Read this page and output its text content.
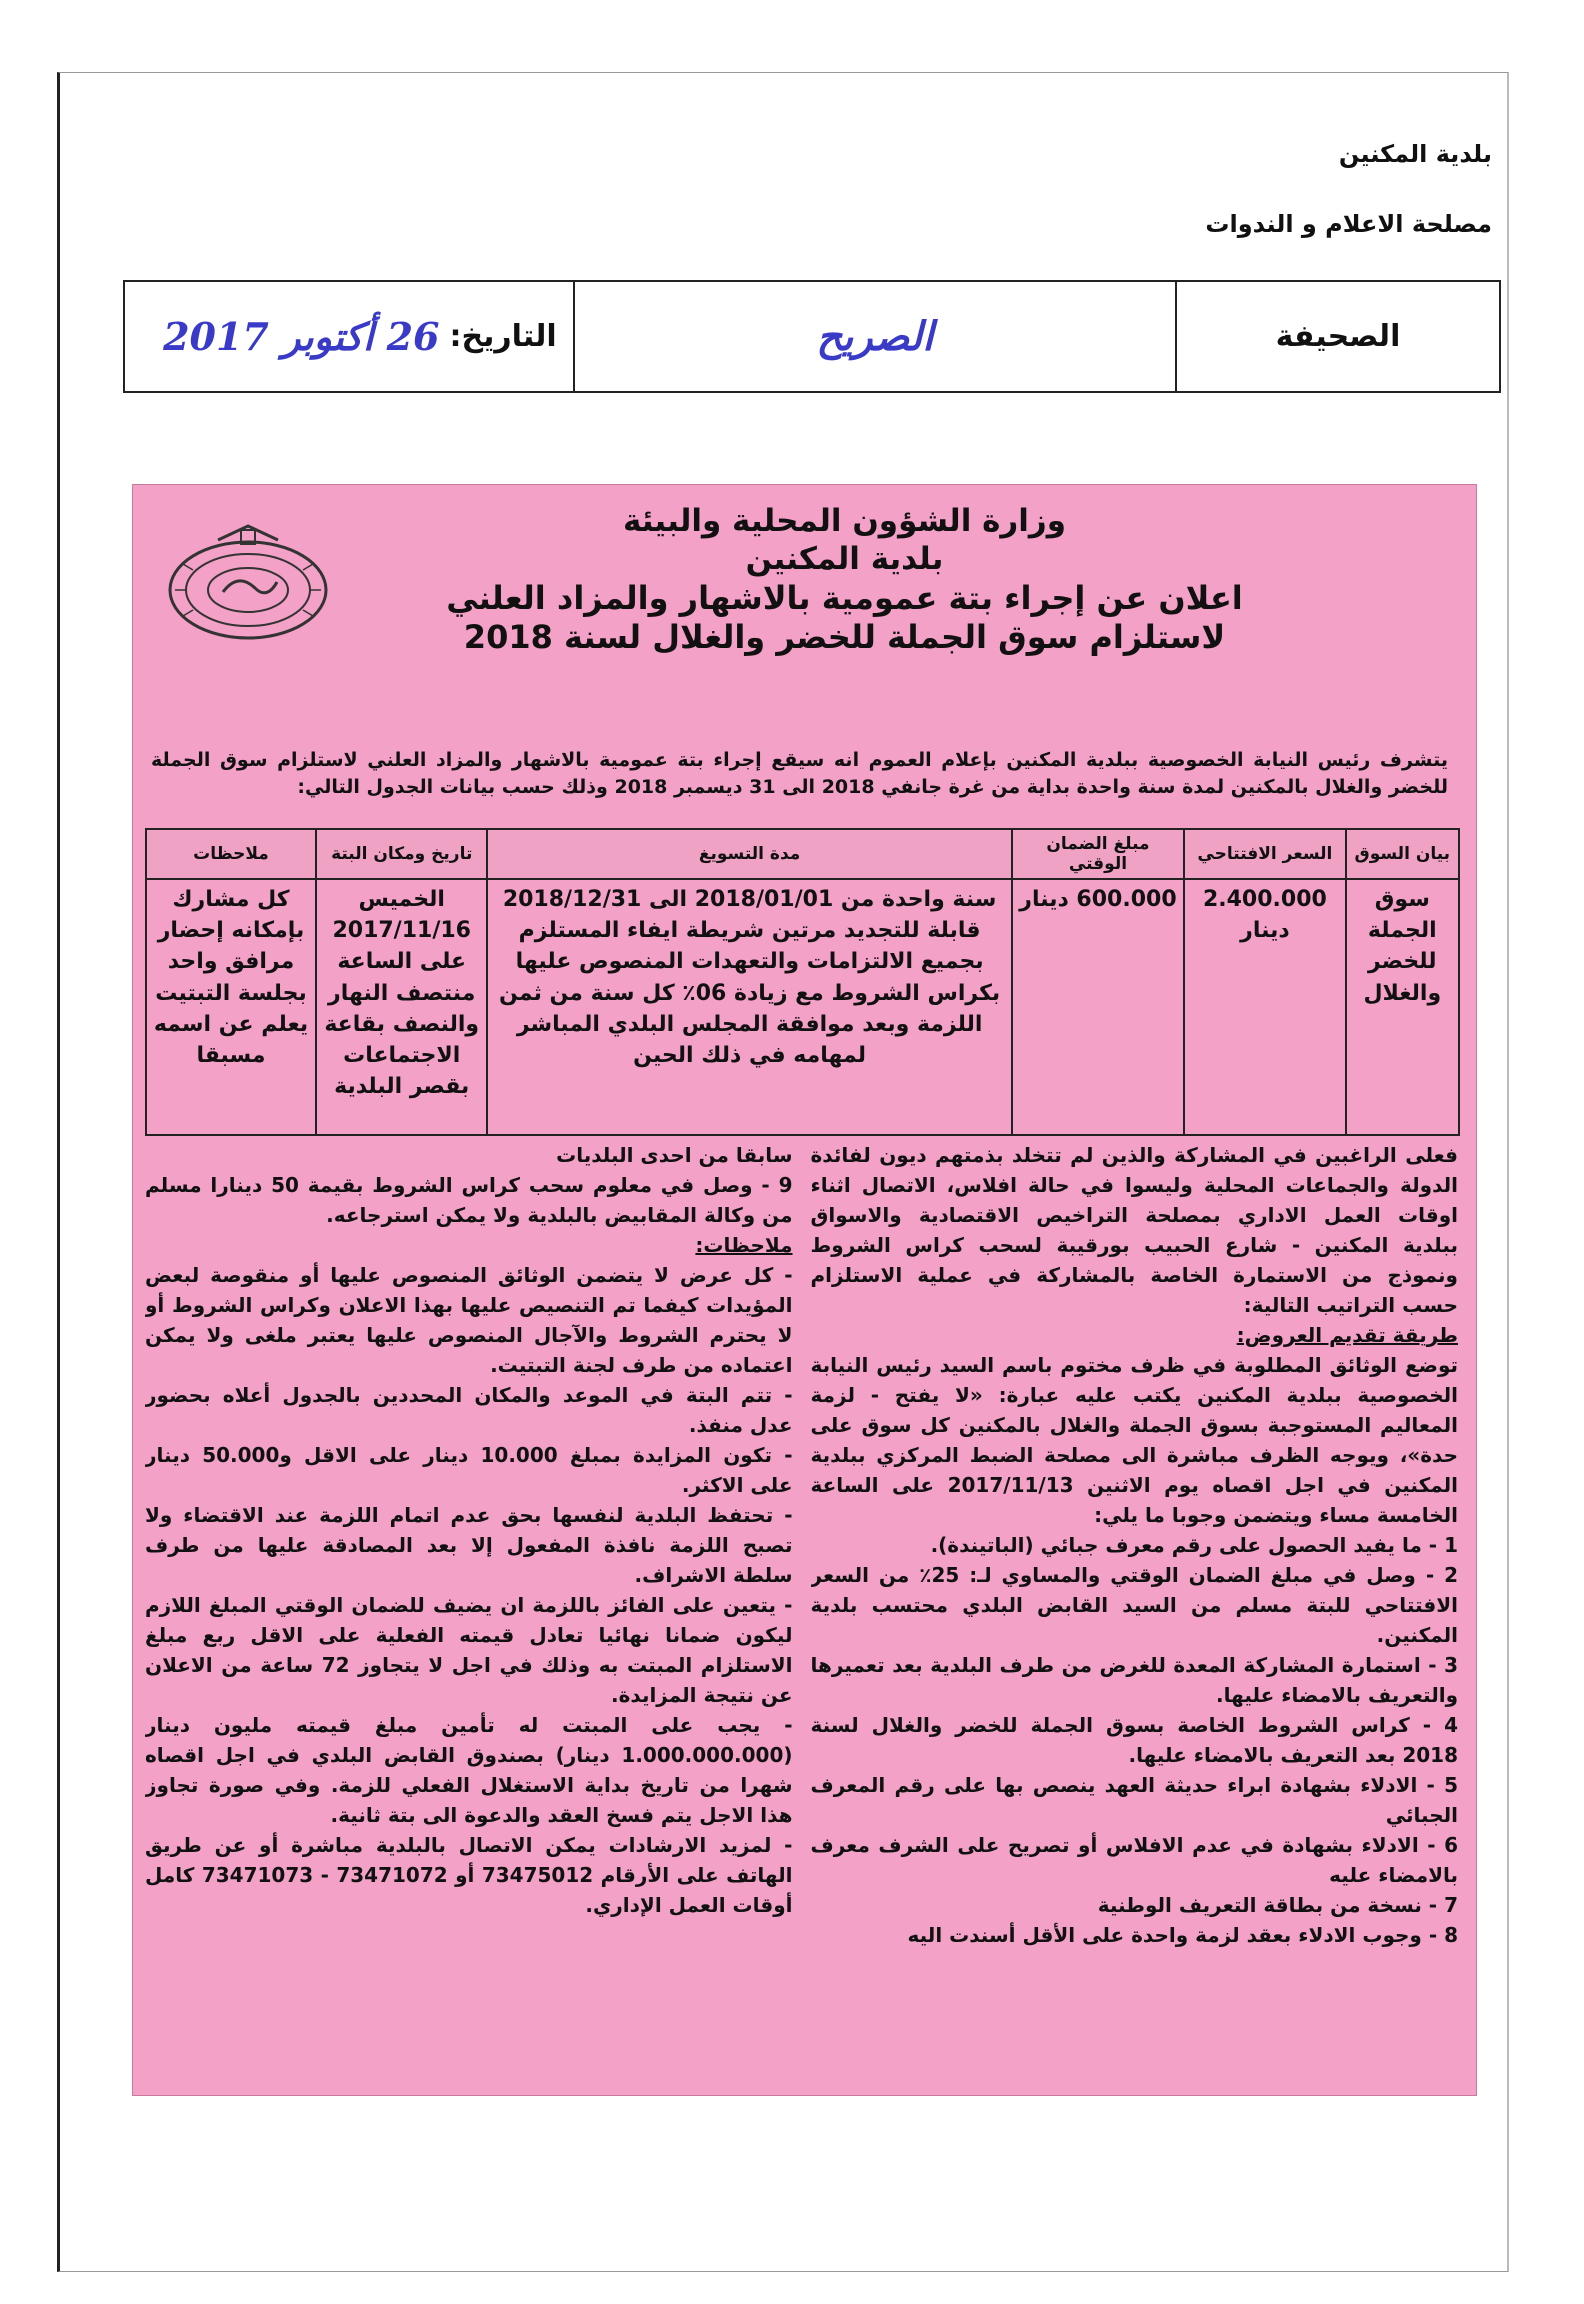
بلدية المكنين
مصلحة الاعلام و الندوات
الصحيفة
الصريح
التاريخ:
26 أكتوبر 2017

وزارة الشؤون المحلية والبيئة

بلدية المكنين

اعلان عن إجراء بتة عمومية بالاشهار والمزاد العلني

لاستلزام سوق الجملة للخضر والغلال لسنة 2018

يتشرف رئيس النيابة الخصوصية ببلدية المكنين بإعلام العموم انه سيقع إجراء بتة عمومية بالاشهار والمزاد العلني لاستلزام سوق الجملة للخضر والغلال بالمكنين لمدة سنة واحدة بداية من غرة جانفي 2018 الى 31 ديسمبر 2018 وذلك حسب بيانات الجدول التالي:
بيان السوق	السعر الافتتاحي	مبلغ الضمان الوقتي	مدة التسويغ	تاريخ ومكان البتة	ملاحظات
سوق الجملة للخضر والغلال	2.400.000 دينار	600.000 دينار	سنة واحدة من 2018/01/01 الى 2018/12/31 قابلة للتجديد مرتين شريطة ايفاء المستلزم بجميع الالتزامات والتعهدات المنصوص عليها بكراس الشروط مع زيادة 06٪ كل سنة من ثمن اللزمة وبعد موافقة المجلس البلدي المباشر لمهامه في ذلك الحين	الخميس 2017/11/16 على الساعة منتصف النهار والنصف بقاعة الاجتماعات بقصر البلدية	كل مشارك بإمكانه إحضار مرافق واحد بجلسة التبتيت يعلم عن اسمه مسبقا

فعلى الراغبين في المشاركة والذين لم تتخلد بذمتهم ديون لفائدة الدولة والجماعات المحلية وليسوا في حالة افلاس، الاتصال اثناء اوقات العمل الاداري بمصلحة التراخيص الاقتصادية والاسواق ببلدية المكنين - شارع الحبيب بورقيبة لسحب كراس الشروط ونموذج من الاستمارة الخاصة بالمشاركة في عملية الاستلزام حسب التراتيب التالية:

طريقة تقديم العروض:

توضع الوثائق المطلوبة في ظرف مختوم باسم السيد رئيس النيابة الخصوصية ببلدية المكنين يكتب عليه عبارة: «لا يفتح - لزمة المعاليم المستوجبة بسوق الجملة والغلال بالمكنين كل سوق على حدة»، ويوجه الظرف مباشرة الى مصلحة الضبط المركزي ببلدية المكنين في اجل اقصاه يوم الاثنين 2017/11/13 على الساعة الخامسة مساء ويتضمن وجوبا ما يلي:

1 - ما يفيد الحصول على رقم معرف جبائي (الباتيندة).

2 - وصل في مبلغ الضمان الوقتي والمساوي لـ: 25٪ من السعر الافتتاحي للبتة مسلم من السيد القابض البلدي محتسب بلدية المكنين.

3 - استمارة المشاركة المعدة للغرض من طرف البلدية بعد تعميرها والتعريف بالامضاء عليها.

4 - كراس الشروط الخاصة بسوق الجملة للخضر والغلال لسنة 2018 بعد التعريف بالامضاء عليها.

5 - الادلاء بشهادة ابراء حديثة العهد ينصص بها على رقم المعرف الجبائي

6 - الادلاء بشهادة في عدم الافلاس أو تصريح على الشرف معرف بالامضاء عليه

7 - نسخة من بطاقة التعريف الوطنية

8 - وجوب الادلاء بعقد لزمة واحدة على الأقل أسندت اليه

سابقا من احدى البلديات

9 - وصل في معلوم سحب كراس الشروط بقيمة 50 دينارا مسلم من وكالة المقابيض بالبلدية ولا يمكن استرجاعه.

ملاحظات:

- كل عرض لا يتضمن الوثائق المنصوص عليها أو منقوصة لبعض المؤيدات كيفما تم التنصيص عليها بهذا الاعلان وكراس الشروط أو لا يحترم الشروط والآجال المنصوص عليها يعتبر ملغى ولا يمكن اعتماده من طرف لجنة التبتيت.

- تتم البتة في الموعد والمكان المحددين بالجدول أعلاه بحضور عدل منفذ.

- تكون المزايدة بمبلغ 10.000 دينار على الاقل و50.000 دينار على الاكثر.

- تحتفظ البلدية لنفسها بحق عدم اتمام اللزمة عند الاقتضاء ولا تصبح اللزمة نافذة المفعول إلا بعد المصادقة عليها من طرف سلطة الاشراف.

- يتعين على الفائز باللزمة ان يضيف للضمان الوقتي المبلغ اللازم ليكون ضمانا نهائيا تعادل قيمته الفعلية على الاقل ربع مبلغ الاستلزام المبتت به وذلك في اجل لا يتجاوز 72 ساعة من الاعلان عن نتيجة المزايدة.

- يجب على المبتت له تأمين مبلغ قيمته مليون دينار (1.000.000.000 دينار) بصندوق القابض البلدي في اجل اقصاه شهرا من تاريخ بداية الاستغلال الفعلي للزمة. وفي صورة تجاوز هذا الاجل يتم فسخ العقد والدعوة الى بتة ثانية.

- لمزيد الارشادات يمكن الاتصال بالبلدية مباشرة أو عن طريق الهاتف على الأرقام 73475012 أو 73471072 - 73471073 كامل أوقات العمل الإداري.
